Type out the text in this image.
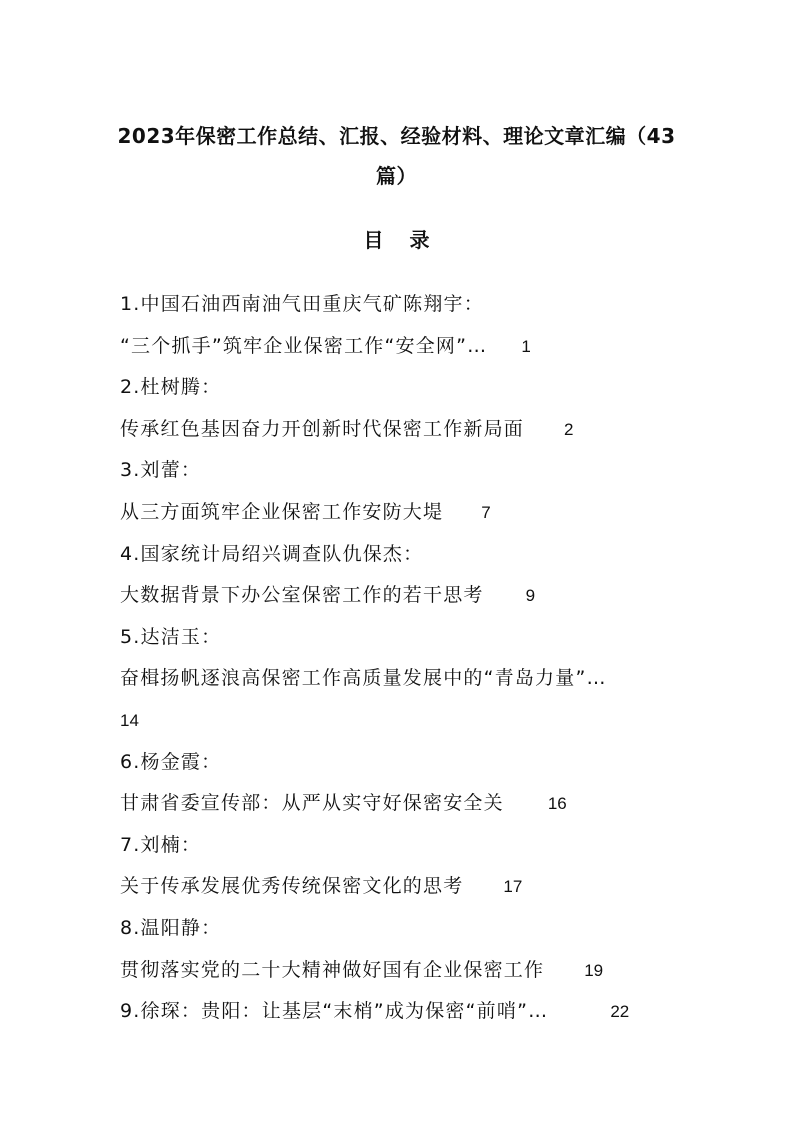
2023年保密工作总结、汇报、经验材料、理论文章汇编（43
篇）
目录
1.中国石油西南油气田重庆气矿陈翔宇：
“三个抓手”筑牢企业保密工作“安全网”… 1
2.杜树腾：
传承红色基因奋力开创新时代保密工作新局面 2
3.刘蕾：
从三方面筑牢企业保密工作安防大堤 7
4.国家统计局绍兴调查队仇保杰：
大数据背景下办公室保密工作的若干思考 9
5.达洁玉：
奋楫扬帆逐浪高保密工作高质量发展中的“青岛力量”…
14
6.杨金霞：
甘肃省委宣传部：从严从实守好保密安全关	16
7.刘楠：
关于传承发展优秀传统保密文化的思考 17
8.温阳静：
贯彻落实党的二十大精神做好国有企业保密工作 19
9.徐琛：贵阳：让基层“末梢”成为保密“前哨”…	22
